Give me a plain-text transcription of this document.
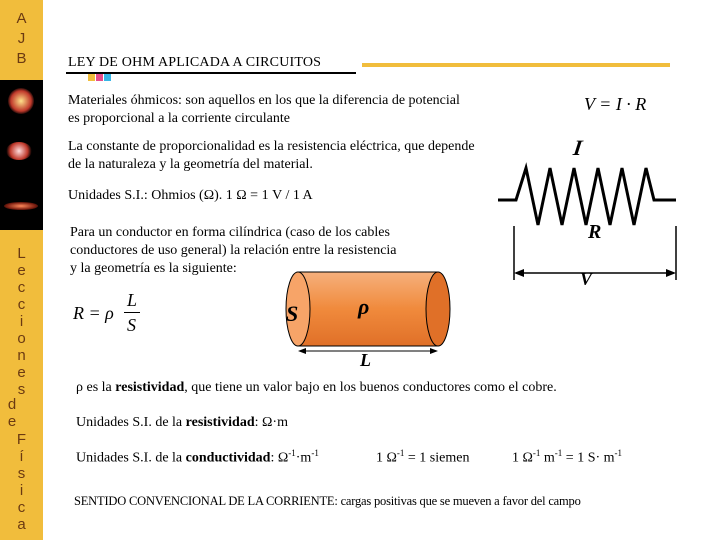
A
J
B
L
e
c
c
i
o
n
e
s
d
e
F
í
s
i
c
a
LEY DE OHM APLICADA A CIRCUITOS
Materiales óhmicos: son aquellos en los que la diferencia de potencial
es proporcional a la corriente circulante
V = I · R
La constante de proporcionalidad es la resistencia eléctrica, que depende
de la naturaleza y la geometría del material.
Unidades S.I.: Ohmios (Ω). 1 Ω = 1 V / 1 A
Para un conductor en forma cilíndrica (caso de los cables
conductores de uso general) la relación entre la resistencia
y la geometría es la siguiente:
I
R
V
R = ρ
L
S	S	ρ
L
ρ es la resistividad, que tiene un valor bajo en los buenos conductores como el cobre.
Unidades S.I. de la resistividad: Ω·m
Unidades S.I. de la conductividad: $\Omega^{-1}\cdot m^{-1}$	1 $\Omega^{-1} = 1$ siemen	1 $\Omega^{-1}$ $m^{-1} = 1$ $S\cdot m^{-1}$
SENTIDO CONVENCIONAL DE LA CORRIENTE: cargas positivas que se mueven a favor del campo
